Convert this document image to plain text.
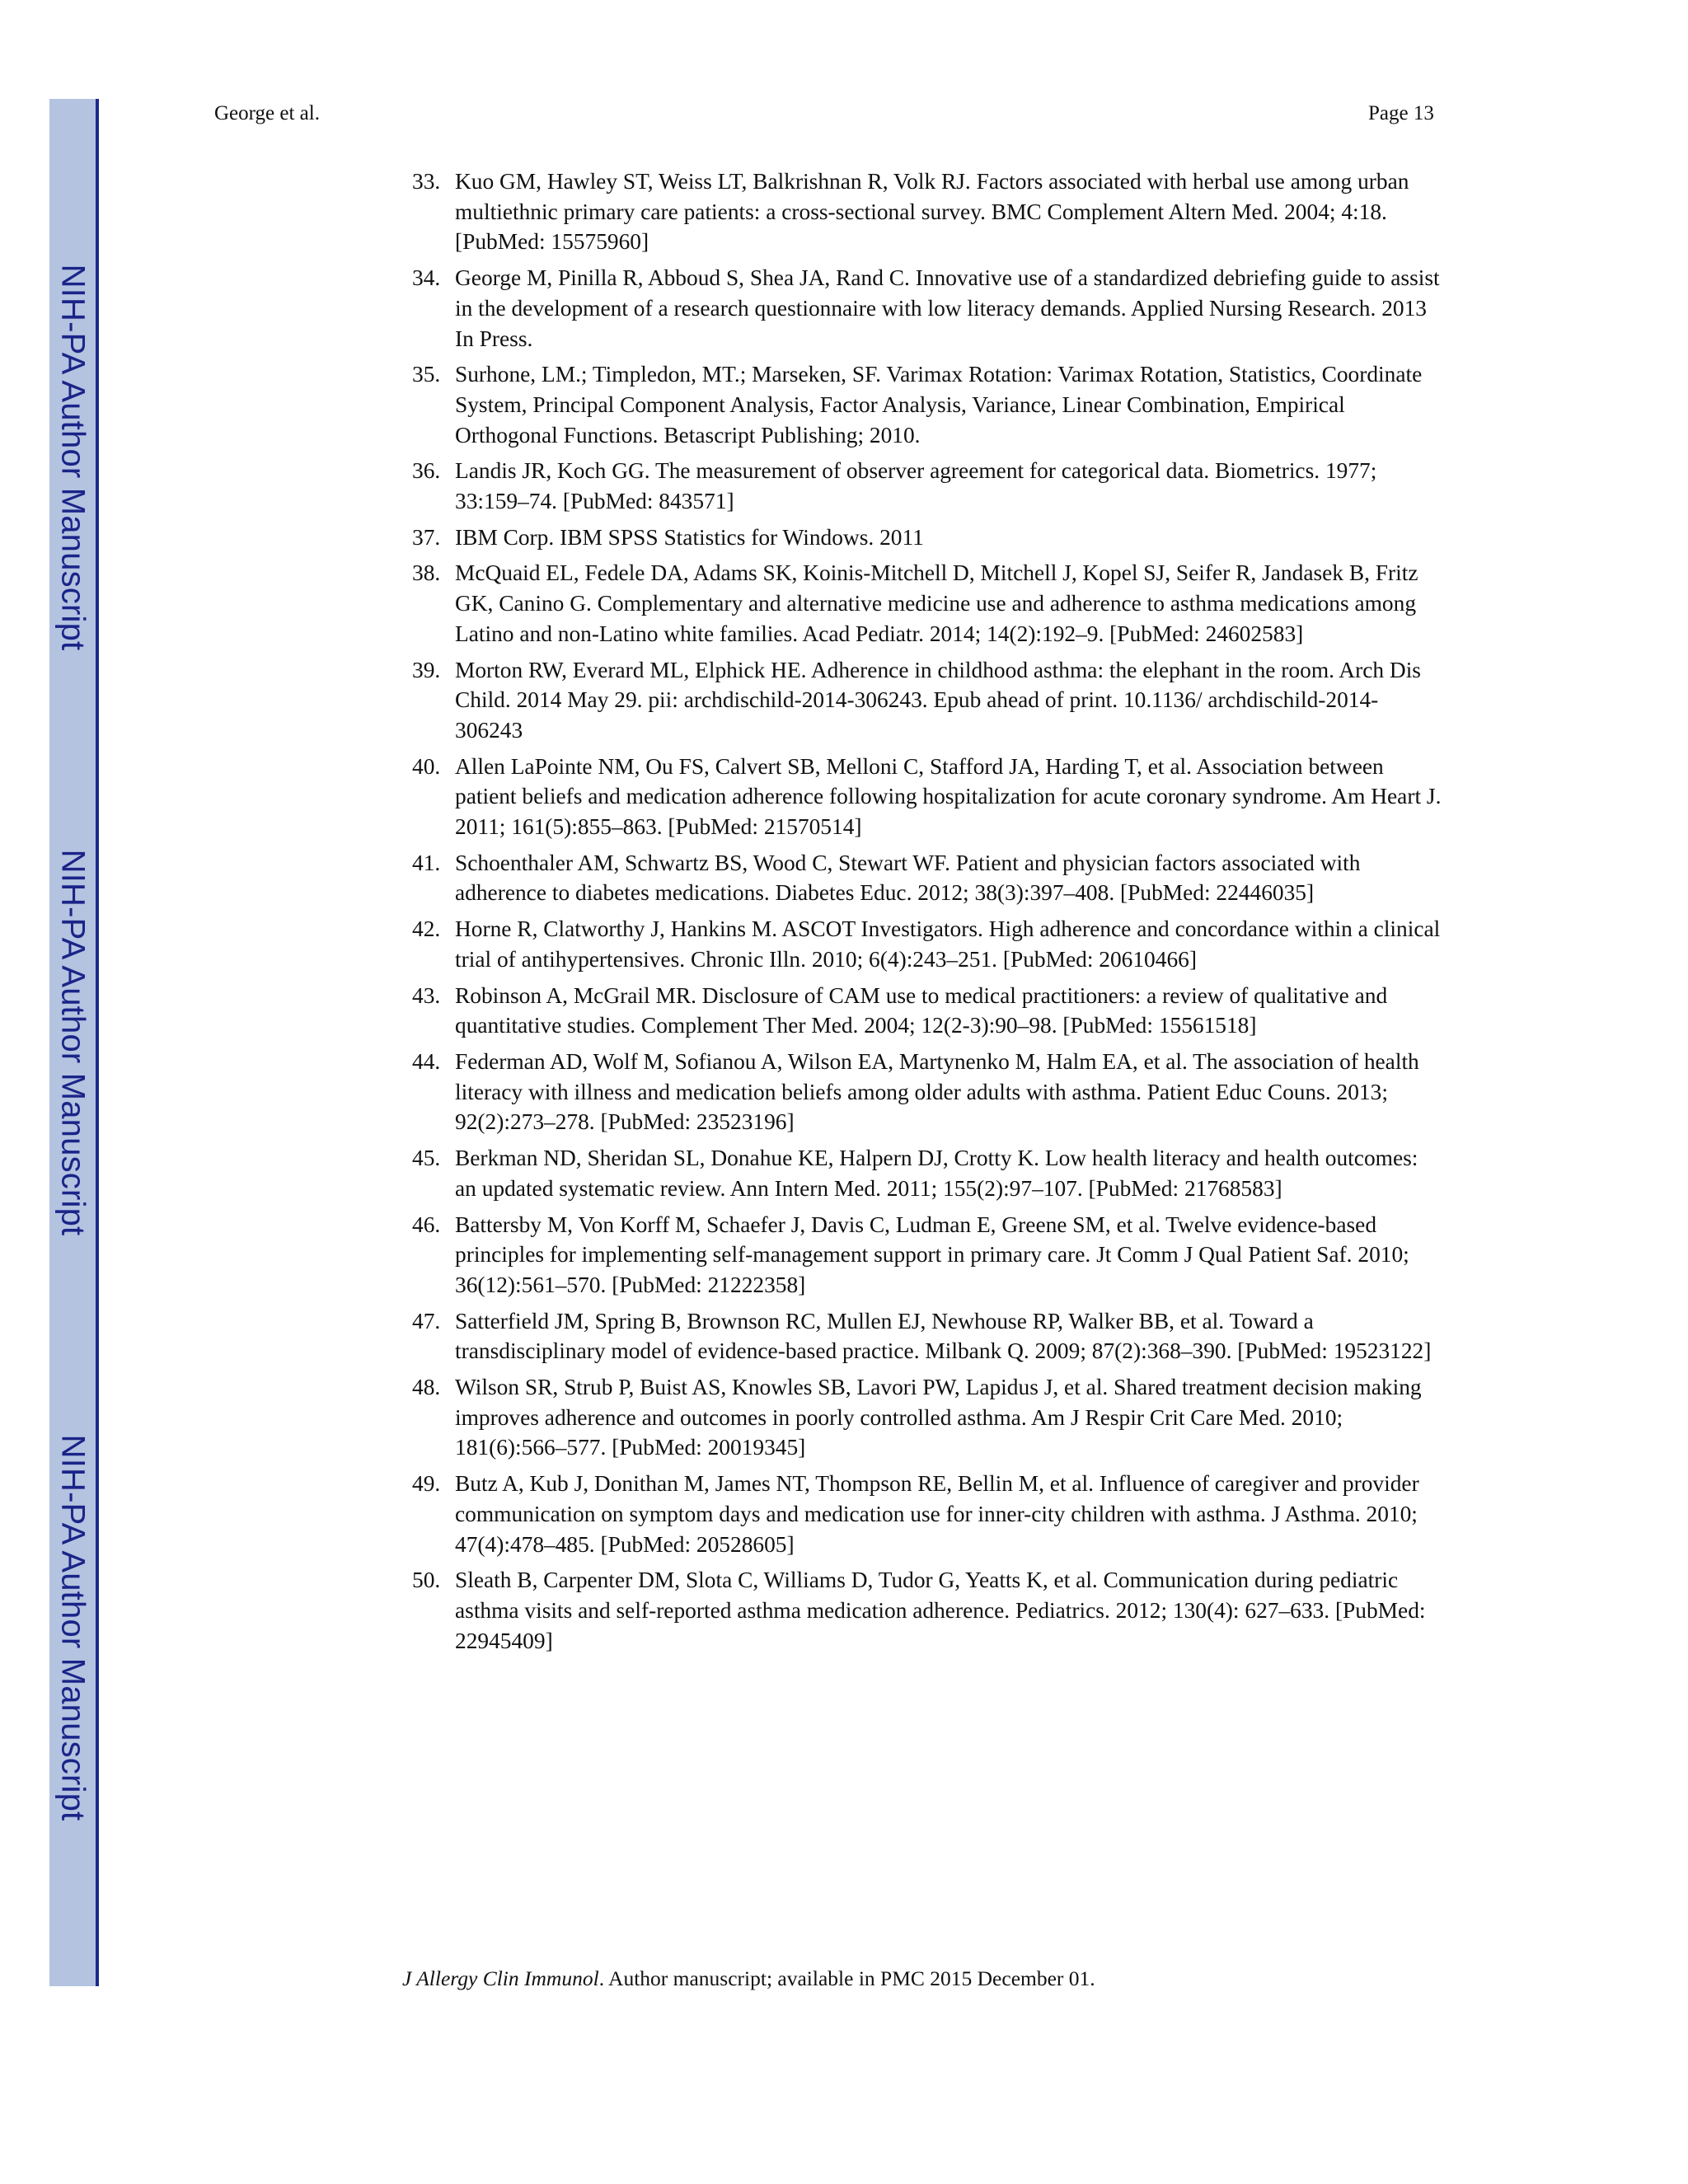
NIH-PA Author Manuscript
NIH-PA Author Manuscript
NIH-PA Author Manuscript
George et al.	Page 13
33. Kuo GM, Hawley ST, Weiss LT, Balkrishnan R, Volk RJ. Factors associated with herbal use among urban multiethnic primary care patients: a cross-sectional survey. BMC Complement Altern Med. 2004; 4:18. [PubMed: 15575960]
34. George M, Pinilla R, Abboud S, Shea JA, Rand C. Innovative use of a standardized debriefing guide to assist in the development of a research questionnaire with low literacy demands. Applied Nursing Research. 2013 In Press.
35. Surhone, LM.; Timpledon, MT.; Marseken, SF. Varimax Rotation: Varimax Rotation, Statistics, Coordinate System, Principal Component Analysis, Factor Analysis, Variance, Linear Combination, Empirical Orthogonal Functions. Betascript Publishing; 2010.
36. Landis JR, Koch GG. The measurement of observer agreement for categorical data. Biometrics. 1977; 33:159–74. [PubMed: 843571]
37. IBM Corp. IBM SPSS Statistics for Windows. 2011
38. McQuaid EL, Fedele DA, Adams SK, Koinis-Mitchell D, Mitchell J, Kopel SJ, Seifer R, Jandasek B, Fritz GK, Canino G. Complementary and alternative medicine use and adherence to asthma medications among Latino and non-Latino white families. Acad Pediatr. 2014; 14(2):192–9. [PubMed: 24602583]
39. Morton RW, Everard ML, Elphick HE. Adherence in childhood asthma: the elephant in the room. Arch Dis Child. 2014 May 29. pii: archdischild-2014-306243. Epub ahead of print. 10.1136/ archdischild-2014-306243
40. Allen LaPointe NM, Ou FS, Calvert SB, Melloni C, Stafford JA, Harding T, et al. Association between patient beliefs and medication adherence following hospitalization for acute coronary syndrome. Am Heart J. 2011; 161(5):855–863. [PubMed: 21570514]
41. Schoenthaler AM, Schwartz BS, Wood C, Stewart WF. Patient and physician factors associated with adherence to diabetes medications. Diabetes Educ. 2012; 38(3):397–408. [PubMed: 22446035]
42. Horne R, Clatworthy J, Hankins M. ASCOT Investigators. High adherence and concordance within a clinical trial of antihypertensives. Chronic Illn. 2010; 6(4):243–251. [PubMed: 20610466]
43. Robinson A, McGrail MR. Disclosure of CAM use to medical practitioners: a review of qualitative and quantitative studies. Complement Ther Med. 2004; 12(2-3):90–98. [PubMed: 15561518]
44. Federman AD, Wolf M, Sofianou A, Wilson EA, Martynenko M, Halm EA, et al. The association of health literacy with illness and medication beliefs among older adults with asthma. Patient Educ Couns. 2013; 92(2):273–278. [PubMed: 23523196]
45. Berkman ND, Sheridan SL, Donahue KE, Halpern DJ, Crotty K. Low health literacy and health outcomes: an updated systematic review. Ann Intern Med. 2011; 155(2):97–107. [PubMed: 21768583]
46. Battersby M, Von Korff M, Schaefer J, Davis C, Ludman E, Greene SM, et al. Twelve evidence-based principles for implementing self-management support in primary care. Jt Comm J Qual Patient Saf. 2010; 36(12):561–570. [PubMed: 21222358]
47. Satterfield JM, Spring B, Brownson RC, Mullen EJ, Newhouse RP, Walker BB, et al. Toward a transdisciplinary model of evidence-based practice. Milbank Q. 2009; 87(2):368–390. [PubMed: 19523122]
48. Wilson SR, Strub P, Buist AS, Knowles SB, Lavori PW, Lapidus J, et al. Shared treatment decision making improves adherence and outcomes in poorly controlled asthma. Am J Respir Crit Care Med. 2010; 181(6):566–577. [PubMed: 20019345]
49. Butz A, Kub J, Donithan M, James NT, Thompson RE, Bellin M, et al. Influence of caregiver and provider communication on symptom days and medication use for inner-city children with asthma. J Asthma. 2010; 47(4):478–485. [PubMed: 20528605]
50. Sleath B, Carpenter DM, Slota C, Williams D, Tudor G, Yeatts K, et al. Communication during pediatric asthma visits and self-reported asthma medication adherence. Pediatrics. 2012; 130(4): 627–633. [PubMed: 22945409]
J Allergy Clin Immunol. Author manuscript; available in PMC 2015 December 01.
